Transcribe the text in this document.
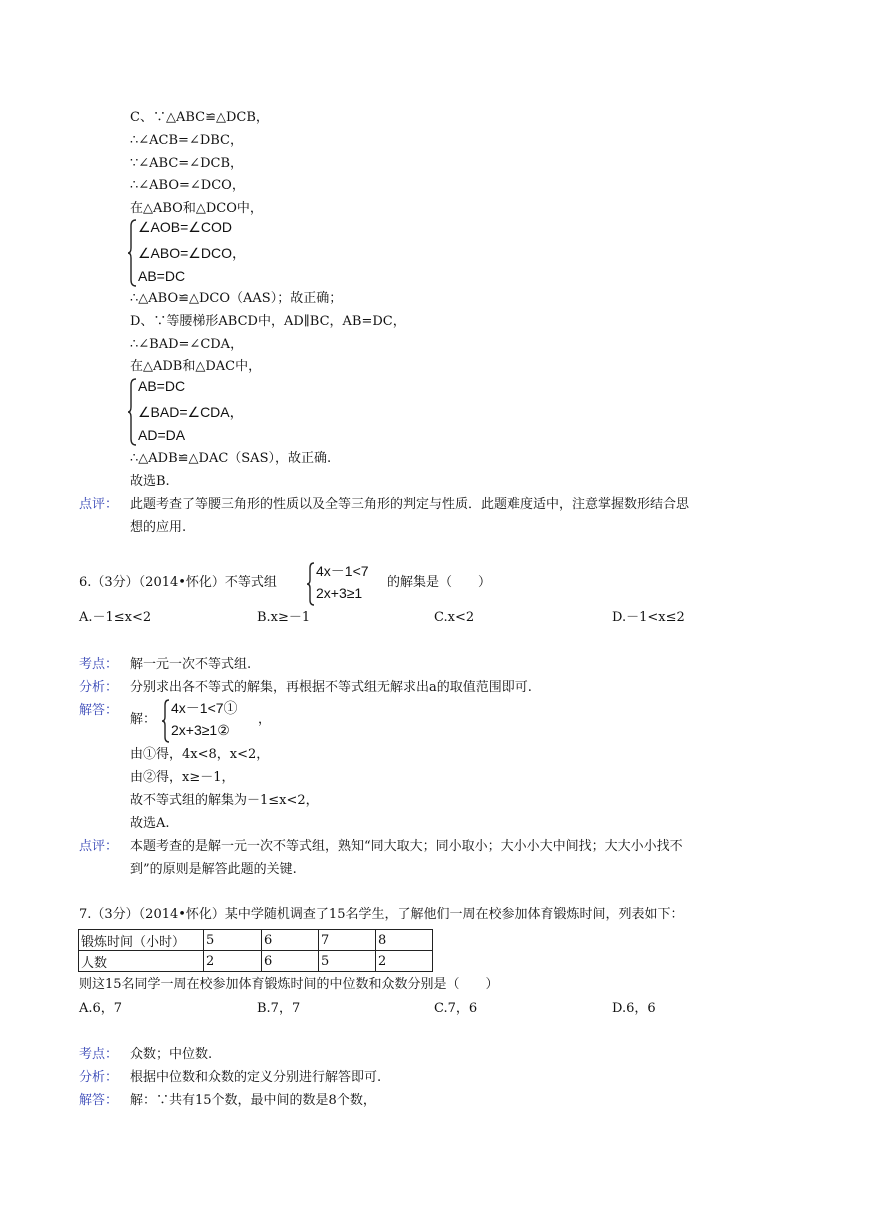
C、∵△ABC≌△DCB，
∴∠ACB=∠DBC，
∵∠ABC=∠DCB，
∴∠ABO=∠DCO，
在△ABO和△DCO中，
∠AOB=∠COD
∠ABO=∠DCO，
AB=DC
∴△ABO≌△DCO（AAS）；故正确；
D、∵等腰梯形ABCD中，AD∥BC，AB=DC，
∴∠BAD=∠CDA，
在△ADB和△DAC中，
AB=DC
∠BAD=∠CDA，
AD=DA
∴△ADB≌△DAC（SAS），故正确.
故选B.
点评： 此题考查了等腰三角形的性质以及全等三角形的判定与性质．此题难度适中，注意掌握数形结合思
想的应用.
6.（3分）（2014•怀化）不等式组
4x－1<7
2x+3≥1
的解集是（　　）
A.－1≤x<2	B.x≥－1	C.x<2	D.－1<x≤2
考点： 解一元一次不等式组.
分析： 分别求出各不等式的解集，再根据不等式组无解求出a的取值范围即可.
解答：
解：
4x－1<7①
2x+3≥1②
，
由①得，4x<8，x<2，
由②得，x≥－1，
故不等式组的解集为－1≤x<2，
故选A.
点评： 本题考查的是解一元一次不等式组，熟知“同大取大；同小取小；大小小大中间找；大大小小找不
到”的原则是解答此题的关键.
7.（3分）（2014•怀化）某中学随机调查了15名学生，了解他们一周在校参加体育锻炼时间，列表如下：
锻炼时间（小时）	5	6	7	8
人数	2	6	5	2
则这15名同学一周在校参加体育锻炼时间的中位数和众数分别是（　　）
A.6，7	B.7，7	C.7，6	D.6，6
考点： 众数；中位数.
分析： 根据中位数和众数的定义分别进行解答即可.
解答： 解：∵共有15个数，最中间的数是8个数，
